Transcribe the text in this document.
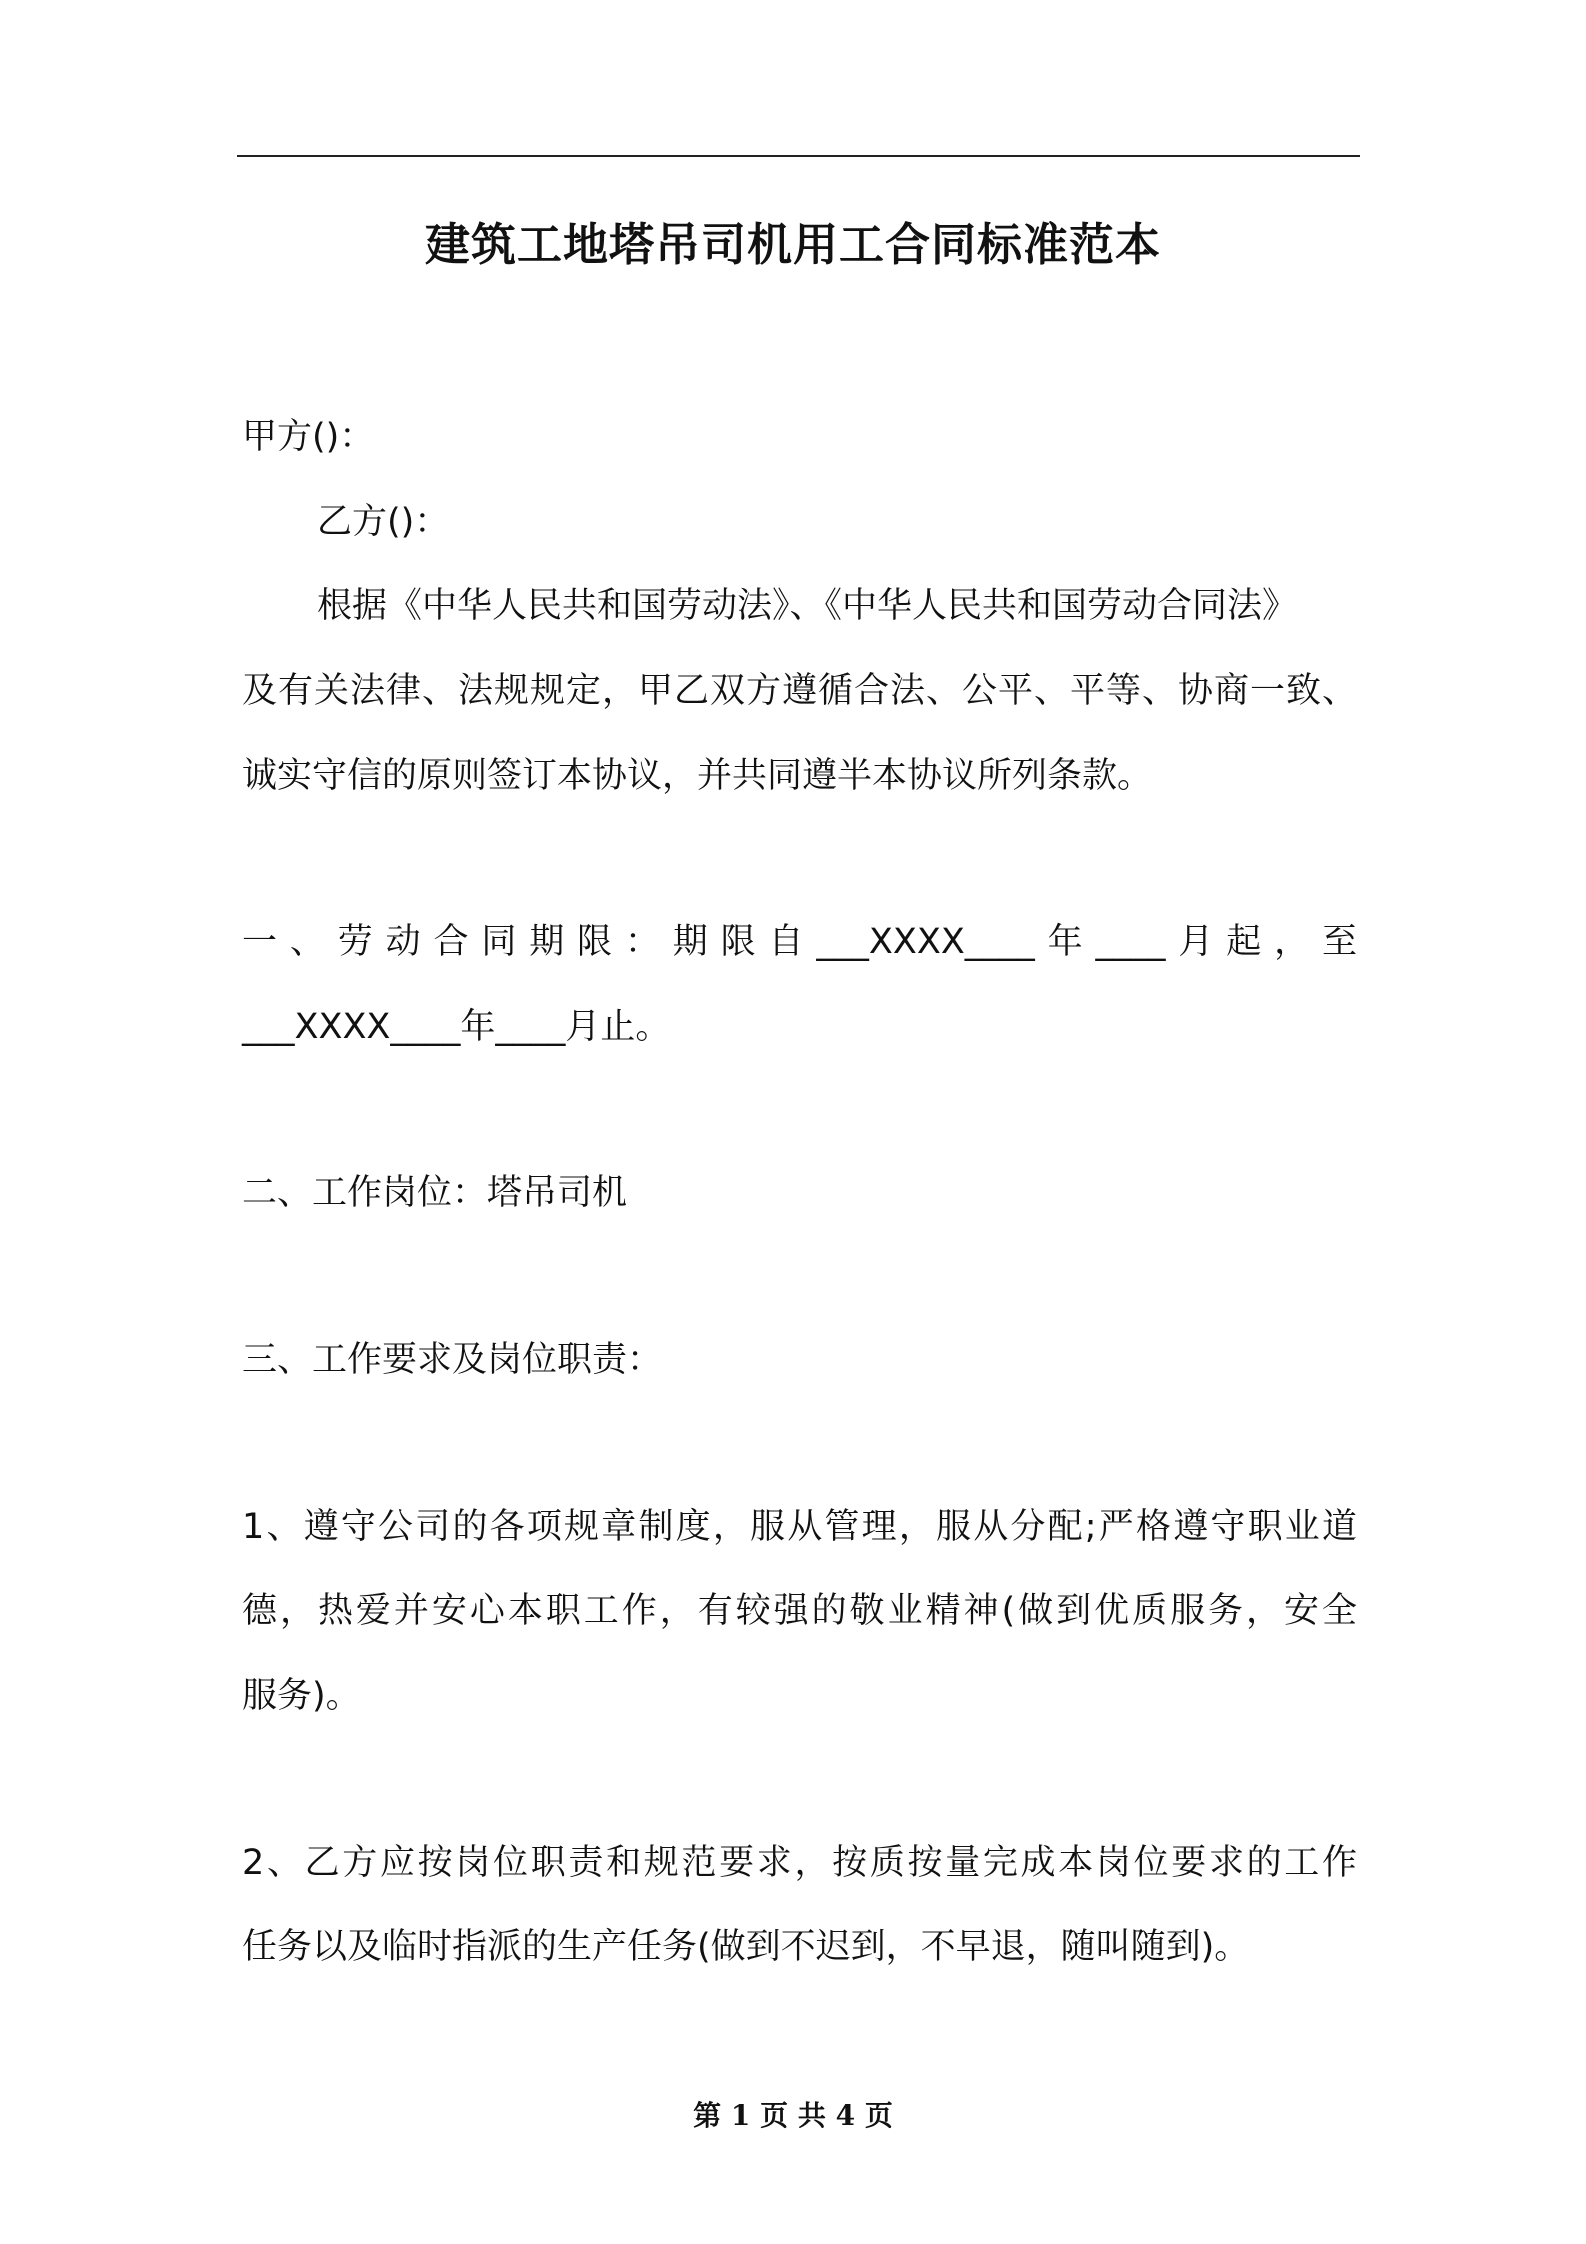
建筑工地塔吊司机用工合同标准范本
甲方()：
乙方()：
根据《中华人民共和国劳动法》、《中华人民共和国劳动合同法》
及有关法律、法规规定，甲乙双方遵循合法、公平、平等、协商一致、
诚实守信的原则签订本协议，并共同遵半本协议所列条款。
一、劳动合同期限：期限自___XXXX____年____月起，至
___XXXX____年____月止。
二、工作岗位：塔吊司机
三、工作要求及岗位职责：
1、遵守公司的各项规章制度，服从管理，服从分配;严格遵守职业道
德，热爱并安心本职工作，有较强的敬业精神(做到优质服务，安全
服务)。
2、乙方应按岗位职责和规范要求，按质按量完成本岗位要求的工作
任务以及临时指派的生产任务(做到不迟到，不早退，随叫随到)。
第 1 页 共 4 页
